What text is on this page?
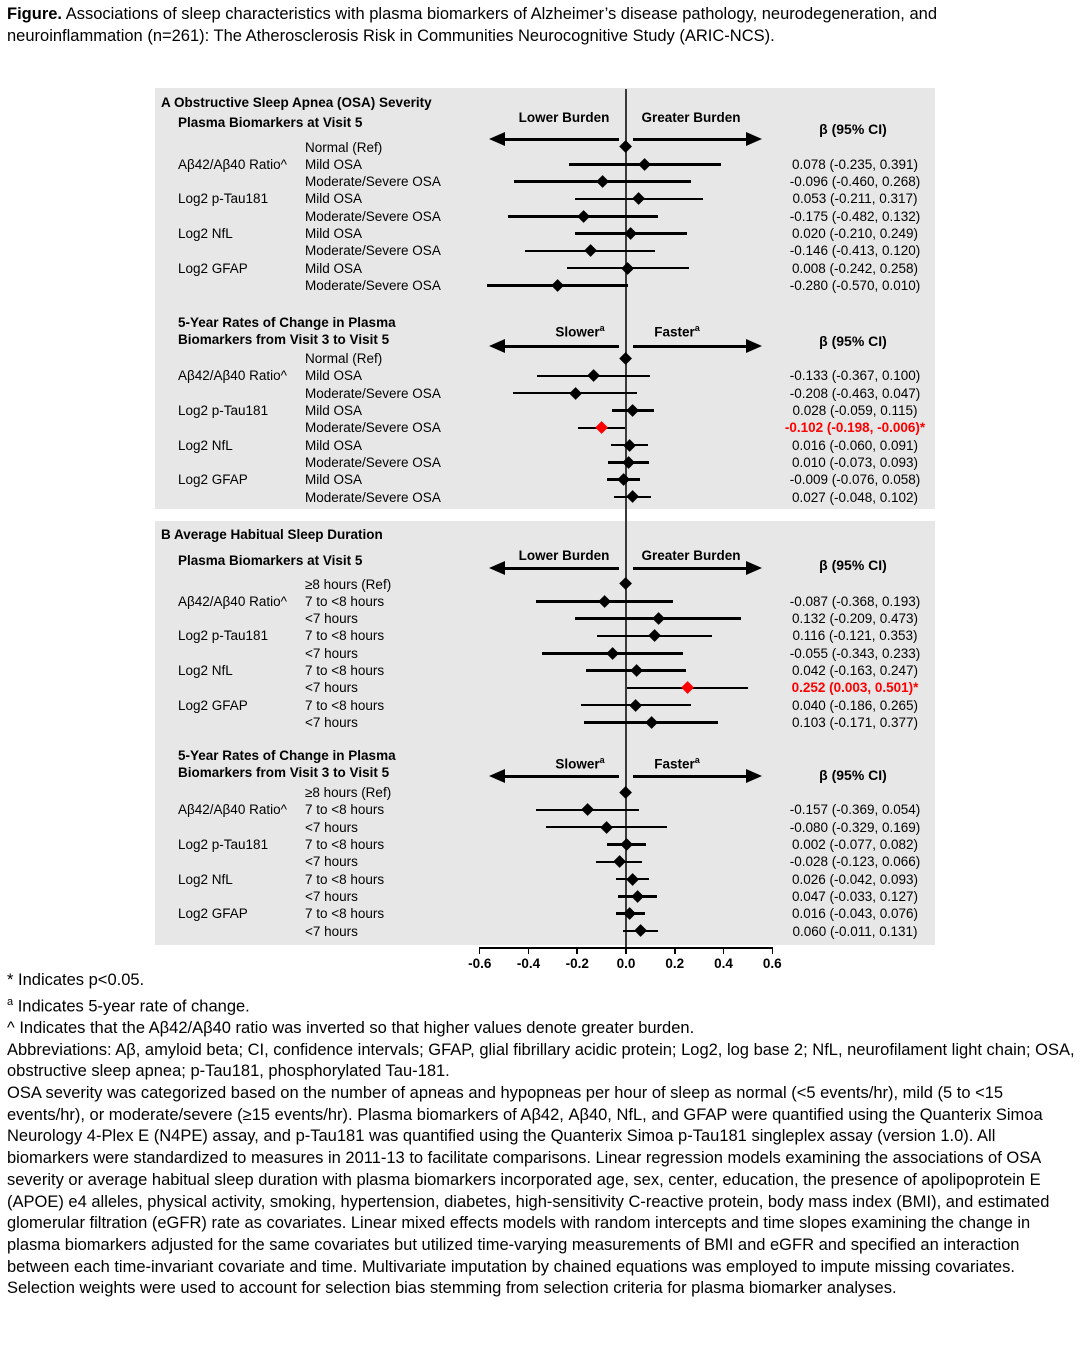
Figure. Associations of sleep characteristics with plasma biomarkers of Alzheimer’s disease pathology, neurodegeneration, and neuroinflammation (n=261): The Atherosclerosis Risk in Communities Neurocognitive Study (ARIC-NCS).
A Obstructive Sleep Apnea (OSA) Severity
B Average Habitual Sleep Duration
Plasma Biomarkers at Visit 5	Lower Burden Greater Burden
β (95% CI)
Normal (Ref)
Aβ42/Aβ40 Ratio^ Mild OSA	0.078 (-0.235, 0.391)
Moderate/Severe OSA	-0.096 (-0.460, 0.268)
Log2 p-Tau181	Mild OSA	0.053 (-0.211, 0.317)
Moderate/Severe OSA	-0.175 (-0.482, 0.132)
Log2 NfL	Mild OSA	0.020 (-0.210, 0.249)
Moderate/Severe OSA	-0.146 (-0.413, 0.120)
Log2 GFAP	Mild OSA	0.008 (-0.242, 0.258)
Moderate/Severe OSA	-0.280 (-0.570, 0.010)
5-Year Rates of Change in Plasma
Biomarkers from Visit 3 to Visit 5	Slower$^a$	Faster$^a$
β (95% CI)
Normal (Ref)
Aβ42/Aβ40 Ratio^ Mild OSA	-0.133 (-0.367, 0.100)
Moderate/Severe OSA	-0.208 (-0.463, 0.047)
Log2 p-Tau181	Mild OSA	0.028 (-0.059, 0.115)
Moderate/Severe OSA	-0.102 (-0.198, -0.006)*
Log2 NfL	Mild OSA	0.016 (-0.060, 0.091)
Moderate/Severe OSA	0.010 (-0.073, 0.093)
Log2 GFAP	Mild OSA	-0.009 (-0.076, 0.058)
Moderate/Severe OSA	0.027 (-0.048, 0.102)
Plasma Biomarkers at Visit 5	Lower Burden Greater Burden
β (95% CI)
≥8 hours (Ref)
Aβ42/Aβ40 Ratio^ 7 to <8 hours	-0.087 (-0.368, 0.193)
<7 hours	0.132 (-0.209, 0.473)
Log2 p-Tau181	7 to <8 hours	0.116 (-0.121, 0.353)
<7 hours	-0.055 (-0.343, 0.233)
Log2 NfL	7 to <8 hours	0.042 (-0.163, 0.247)
<7 hours	0.252 (0.003, 0.501)*
Log2 GFAP	7 to <8 hours	0.040 (-0.186, 0.265)
<7 hours	0.103 (-0.171, 0.377)
5-Year Rates of Change in Plasma
Biomarkers from Visit 3 to Visit 5
Slower$^a$	Faster$^a$
β (95% CI)
≥8 hours (Ref)
Aβ42/Aβ40 Ratio^ 7 to <8 hours	-0.157 (-0.369, 0.054)
<7 hours	-0.080 (-0.329, 0.169)
Log2 p-Tau181	7 to <8 hours	0.002 (-0.077, 0.082)
<7 hours	-0.028 (-0.123, 0.066)
Log2 NfL	7 to <8 hours	0.026 (-0.042, 0.093)
<7 hours	0.047 (-0.033, 0.127)
Log2 GFAP	7 to <8 hours	0.016 (-0.043, 0.076)
<7 hours	0.060 (-0.011, 0.131)
-0.6 -0.4 -0.2 0.0 0.2 0.4 0.6
* Indicates p<0.05.
$^a$ Indicates 5-year rate of change.
^ Indicates that the Aβ42/Aβ40 ratio was inverted so that higher values denote greater burden.
Abbreviations: Aβ, amyloid beta; CI, confidence intervals; GFAP, glial fibrillary acidic protein; Log2, log base 2; NfL, neurofilament light chain; OSA, obstructive sleep apnea; p-Tau181, phosphorylated Tau-181.
OSA severity was categorized based on the number of apneas and hypopneas per hour of sleep as normal (<5 events/hr), mild (5 to <15 events/hr), or moderate/severe (≥15 events/hr). Plasma biomarkers of Aβ42, Aβ40, NfL, and GFAP were quantified using the Quanterix Simoa Neurology 4-Plex E (N4PE) assay, and p-Tau181 was quantified using the Quanterix Simoa p-Tau181 singleplex assay (version 1.0). All biomarkers were standardized to measures in 2011-13 to facilitate comparisons. Linear regression models examining the associations of OSA severity or average habitual sleep duration with plasma biomarkers incorporated age, sex, center, education, the presence of apolipoprotein E (APOE) e4 alleles, physical activity, smoking, hypertension, diabetes, high-sensitivity C-reactive protein, body mass index (BMI), and estimated glomerular filtration (eGFR) rate as covariates. Linear mixed effects models with random intercepts and time slopes examining the change in plasma biomarkers adjusted for the same covariates but utilized time-varying measurements of BMI and eGFR and specified an interaction between each time-invariant covariate and time. Multivariate imputation by chained equations was employed to impute missing covariates. Selection weights were used to account for selection bias stemming from selection criteria for plasma biomarker analyses.
